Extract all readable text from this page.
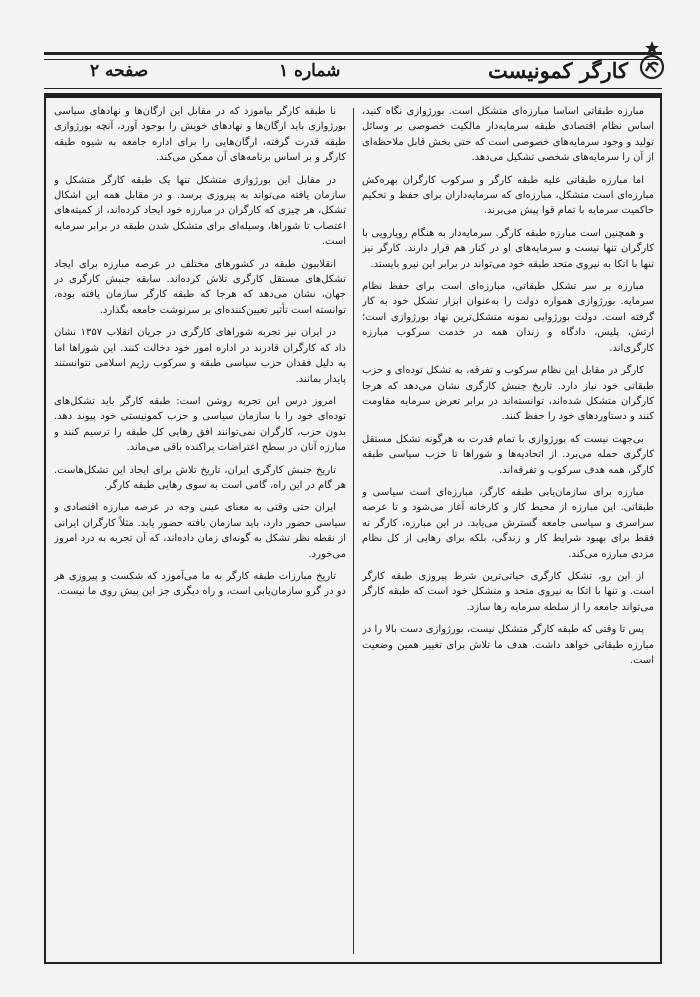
کارگر کمونیست
شماره ۱
صفحه ۲

مبارزه طبقاتی اساسا مبارزه‌ای متشکل است. بورژوازی نگاه کنید، اساس نظام اقتصادی طبقه سرمایه‌دار مالکیت خصوصی بر وسائل تولید و وجود سرمایه‌های خصوصی است که حتی بخش قابل ملاحظه‌ای از آن را سرمایه‌های شخصی تشکیل می‌دهد.

اما مبارزه طبقاتی علیه طبقه کارگر و سرکوب کارگران بهره‌کش مبارزه‌ای است متشکل، مبارزه‌ای که سرمایه‌داران برای حفظ و تحکیم حاکمیت سرمایه با تمام قوا پیش می‌برند.

و همچنین است مبارزه طبقه کارگر. سرمایه‌دار به هنگام رویارویی با کارگران تنها نیست و سرمایه‌های او در کنار هم قرار دارند. کارگر نیز تنها با اتکا به نیروی متحد طبقه خود می‌تواند در برابر این نیرو بایستد.

مبارزه بر سر تشکل طبقاتی، مبارزه‌ای است برای حفظ نظام سرمایه. بورژوازی همواره دولت را به‌عنوان ابزار تشکل خود به کار گرفته است. دولت بورژوایی نمونه متشکل‌ترین نهاد بورژوازی است؛ ارتش، پلیس، دادگاه و زندان همه در خدمت سرکوب مبارزه کارگری‌اند.

کارگر در مقابل این نظام سرکوب و تفرقه، به تشکل توده‌ای و حزب طبقاتی خود نیاز دارد. تاریخ جنبش کارگری نشان می‌دهد که هرجا کارگران متشکل شده‌اند، توانسته‌اند در برابر تعرض سرمایه مقاومت کنند و دستاوردهای خود را حفظ کنند.

بی‌جهت نیست که بورژوازی با تمام قدرت به هرگونه تشکل مستقل کارگری حمله می‌برد. از اتحادیه‌ها و شوراها تا حزب سیاسی طبقه کارگر، همه هدف سرکوب و تفرقه‌اند.

مبارزه برای سازمان‌یابی طبقه کارگر، مبارزه‌ای است سیاسی و طبقاتی. این مبارزه از محیط کار و کارخانه آغاز می‌شود و تا عرصه سراسری و سیاسی جامعه گسترش می‌یابد. در این مبارزه، کارگر نه فقط برای بهبود شرایط کار و زندگی، بلکه برای رهایی از کل نظام مزدی مبارزه می‌کند.

از این رو، تشکل کارگری حیاتی‌ترین شرط پیروزی طبقه کارگر است. و تنها با اتکا به نیروی متحد و متشکل خود است که طبقه کارگر می‌تواند جامعه را از سلطه سرمایه رها سازد.

پس تا وقتی که طبقه کارگر متشکل نیست، بورژوازی دست بالا را در مبارزه طبقاتی خواهد داشت. هدف ما تلاش برای تغییر همین وضعیت است.

نا طبقه کارگر بیاموزد که در مقابل این ارگان‌ها و نهادهای سیاسی بورژوازی باید ارگان‌ها و نهادهای خویش را بوجود آورد، آنچه بورژوازی طبقه قدرت گرفته، ارگان‌هایی را برای اداره جامعه به شیوه طبقه کارگر و بر اساس برنامه‌های آن ممکن می‌کند.

در مقابل این بورژوازی متشکل تنها یک طبقه کارگر متشکل و سازمان یافته می‌تواند به پیروزی برسد. و در مقابل همه این اشکال تشکل، هر چیزی که کارگران در مبارزه خود ایجاد کرده‌اند، از کمیته‌های اعتصاب تا شوراها، وسیله‌ای برای متشکل شدن طبقه در برابر سرمایه است.

انقلابیون طبقه در کشورهای مختلف در عرصه مبارزه برای ایجاد تشکل‌های مستقل کارگری تلاش کرده‌اند. سابقه جنبش کارگری در جهان، نشان می‌دهد که هرجا که طبقه کارگر سازمان یافته بوده، توانسته است تأثیر تعیین‌کننده‌ای بر سرنوشت جامعه بگذارد.

در ایران نیز تجربه شوراهای کارگری در جریان انقلاب ۱۳۵۷ نشان داد که کارگران قادرند در اداره امور خود دخالت کنند. این شوراها اما به دلیل فقدان حزب سیاسی طبقه و سرکوب رژیم اسلامی نتوانستند پایدار بمانند.

امروز درس این تجربه روشن است: طبقه کارگر باید تشکل‌های توده‌ای خود را با سازمان سیاسی و حزب کمونیستی خود پیوند دهد. بدون حزب، کارگران نمی‌توانند افق رهایی کل طبقه را ترسیم کنند و مبارزه آنان در سطح اعتراضات پراکنده باقی می‌ماند.

تاریخ جنبش کارگری ایران، تاریخ تلاش برای ایجاد این تشکل‌هاست. هر گام در این راه، گامی است به سوی رهایی طبقه کارگر.

ایران حتی وقتی به معنای عینی وجه در عرصه مبارزه اقتصادی و سیاسی حضور دارد، باید سازمان یافته حضور یابد. مثلاً کارگران ایرانی از نقطه نظر تشکل به گونه‌ای زمان داده‌اند، که آن تجربه به درد امروز می‌خورد.

تاریخ مبارزات طبقه کارگر به ما می‌آموزد که شکست و پیروزی هر دو در گرو سازمان‌یابی است، و راه دیگری جز این پیش روی ما نیست.
